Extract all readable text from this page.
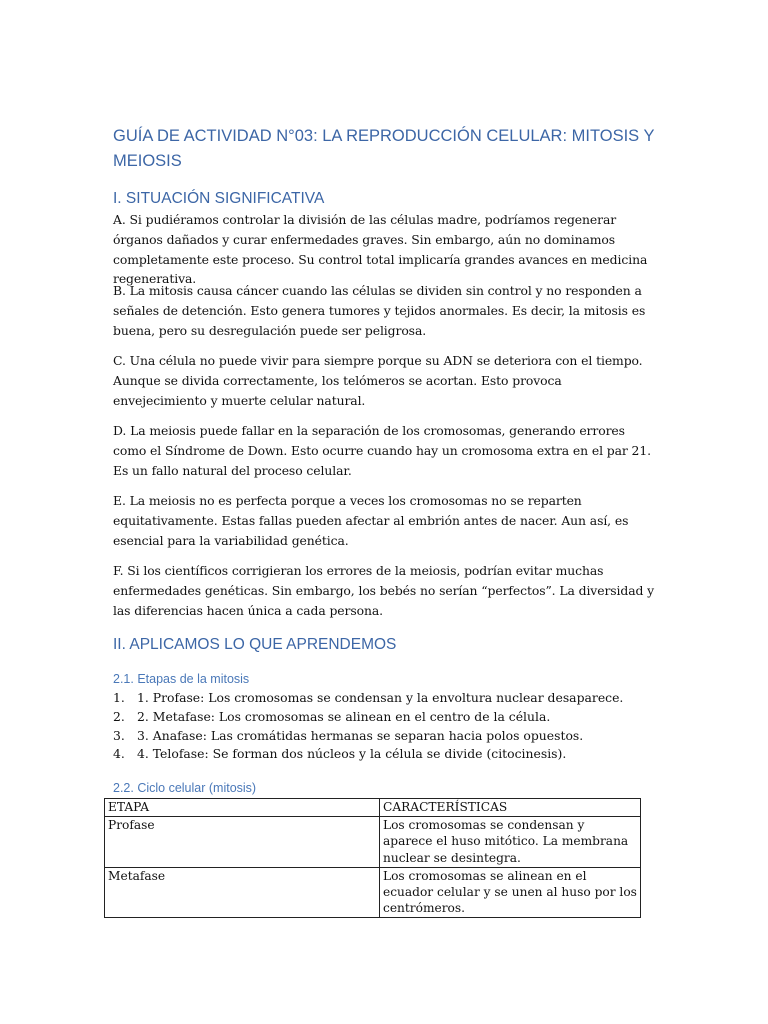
GUÍA DE ACTIVIDAD N°03: LA REPRODUCCIÓN CELULAR: MITOSIS Y MEIOSIS
I. SITUACIÓN SIGNIFICATIVA

A. Si pudiéramos controlar la división de las células madre, podríamos regenerar órganos dañados y curar enfermedades graves. Sin embargo, aún no dominamos completamente este proceso. Su control total implicaría grandes avances en medicina regenerativa.

B. La mitosis causa cáncer cuando las células se dividen sin control y no responden a señales de detención. Esto genera tumores y tejidos anormales. Es decir, la mitosis es buena, pero su desregulación puede ser peligrosa.

C. Una célula no puede vivir para siempre porque su ADN se deteriora con el tiempo. Aunque se divida correctamente, los telómeros se acortan. Esto provoca envejecimiento y muerte celular natural.

D. La meiosis puede fallar en la separación de los cromosomas, generando errores como el Síndrome de Down. Esto ocurre cuando hay un cromosoma extra en el par 21. Es un fallo natural del proceso celular.

E. La meiosis no es perfecta porque a veces los cromosomas no se reparten equitativamente. Estas fallas pueden afectar al embrión antes de nacer. Aun así, es esencial para la variabilidad genética.

F. Si los científicos corrigieran los errores de la meiosis, podrían evitar muchas enfermedades genéticas. Sin embargo, los bebés no serían “perfectos”. La diversidad y las diferencias hacen única a cada persona.

II. APLICAMOS LO QUE APRENDEMOS
2.1. Etapas de la mitosis
1. 1. Profase: Los cromosomas se condensan y la envoltura nuclear desaparece.
2. 2. Metafase: Los cromosomas se alinean en el centro de la célula.
3. 3. Anafase: Las cromátidas hermanas se separan hacia polos opuestos.
4. 4. Telofase: Se forman dos núcleos y la célula se divide (citocinesis).
2.2. Ciclo celular (mitosis)
ETAPA	CARACTERÍSTICAS
Profase	Los cromosomas se condensan y aparece el huso mitótico. La membrana nuclear se desintegra.
Metafase	Los cromosomas se alinean en el ecuador celular y se unen al huso por los centrómeros.
